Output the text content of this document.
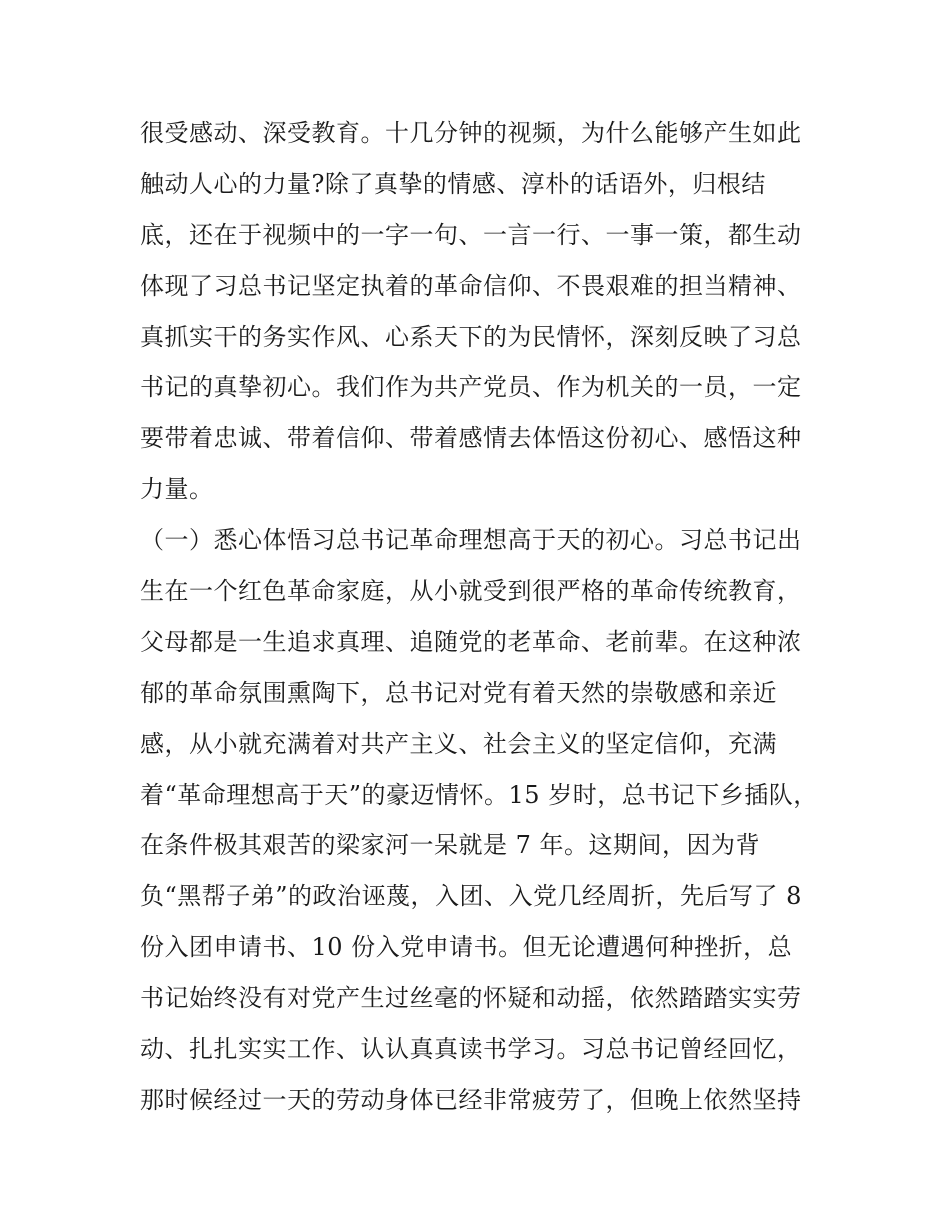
很受感动、深受教育。十几分钟的视频，为什么能够产生如此
触动人心的力量?除了真挚的情感、淳朴的话语外，归根结
底，还在于视频中的一字一句、一言一行、一事一策，都生动
体现了习总书记坚定执着的革命信仰、不畏艰难的担当精神、
真抓实干的务实作风、心系天下的为民情怀，深刻反映了习总
书记的真挚初心。我们作为共产党员、作为机关的一员，一定
要带着忠诚、带着信仰、带着感情去体悟这份初心、感悟这种
力量。
（一）悉心体悟习总书记革命理想高于天的初心。习总书记出
生在一个红色革命家庭，从小就受到很严格的革命传统教育，
父母都是一生追求真理、追随党的老革命、老前辈。在这种浓
郁的革命氛围熏陶下，总书记对党有着天然的崇敬感和亲近
感，从小就充满着对共产主义、社会主义的坚定信仰，充满
着“革命理想高于天”的豪迈情怀。15 岁时，总书记下乡插队，
在条件极其艰苦的梁家河一呆就是 7 年。这期间，因为背
负“黑帮子弟”的政治诬蔑，入团、入党几经周折，先后写了 8
份入团申请书、10 份入党申请书。但无论遭遇何种挫折，总
书记始终没有对党产生过丝毫的怀疑和动摇，依然踏踏实实劳
动、扎扎实实工作、认认真真读书学习。习总书记曾经回忆，
那时候经过一天的劳动身体已经非常疲劳了，但晚上依然坚持
